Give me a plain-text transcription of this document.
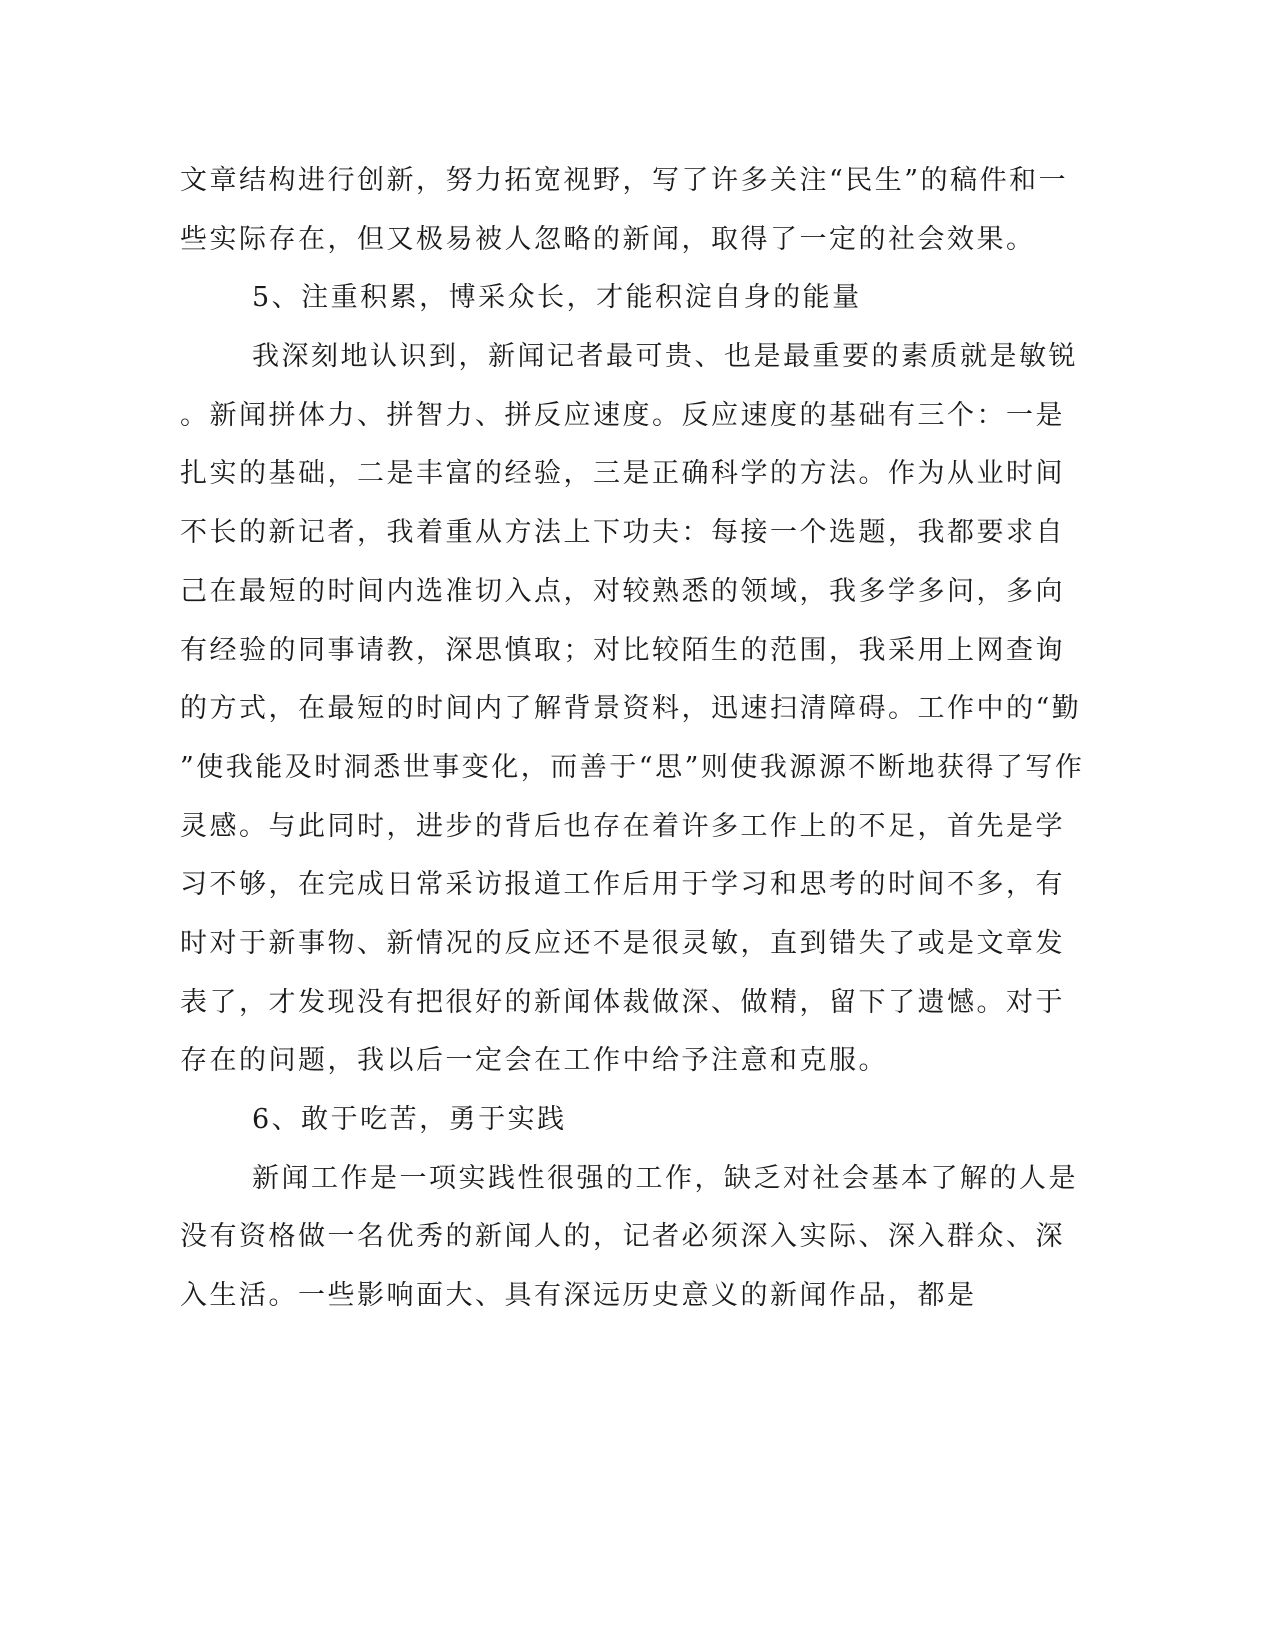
文章结构进行创新，努力拓宽视野，写了许多关注“民生”的稿件和一
些实际存在，但又极易被人忽略的新闻，取得了一定的社会效果。
5、注重积累，博采众长，才能积淀自身的能量
我深刻地认识到，新闻记者最可贵、也是最重要的素质就是敏锐
。新闻拼体力、拼智力、拼反应速度。反应速度的基础有三个：一是
扎实的基础，二是丰富的经验，三是正确科学的方法。作为从业时间
不长的新记者，我着重从方法上下功夫：每接一个选题，我都要求自
己在最短的时间内选准切入点，对较熟悉的领域，我多学多问，多向
有经验的同事请教，深思慎取；对比较陌生的范围，我采用上网查询
的方式，在最短的时间内了解背景资料，迅速扫清障碍。工作中的“勤
”使我能及时洞悉世事变化，而善于“思”则使我源源不断地获得了写作
灵感。与此同时，进步的背后也存在着许多工作上的不足，首先是学
习不够，在完成日常采访报道工作后用于学习和思考的时间不多，有
时对于新事物、新情况的反应还不是很灵敏，直到错失了或是文章发
表了，才发现没有把很好的新闻体裁做深、做精，留下了遗憾。对于
存在的问题，我以后一定会在工作中给予注意和克服。
6、敢于吃苦，勇于实践
新闻工作是一项实践性很强的工作，缺乏对社会基本了解的人是
没有资格做一名优秀的新闻人的，记者必须深入实际、深入群众、深
入生活。一些影响面大、具有深远历史意义的新闻作品，都是
